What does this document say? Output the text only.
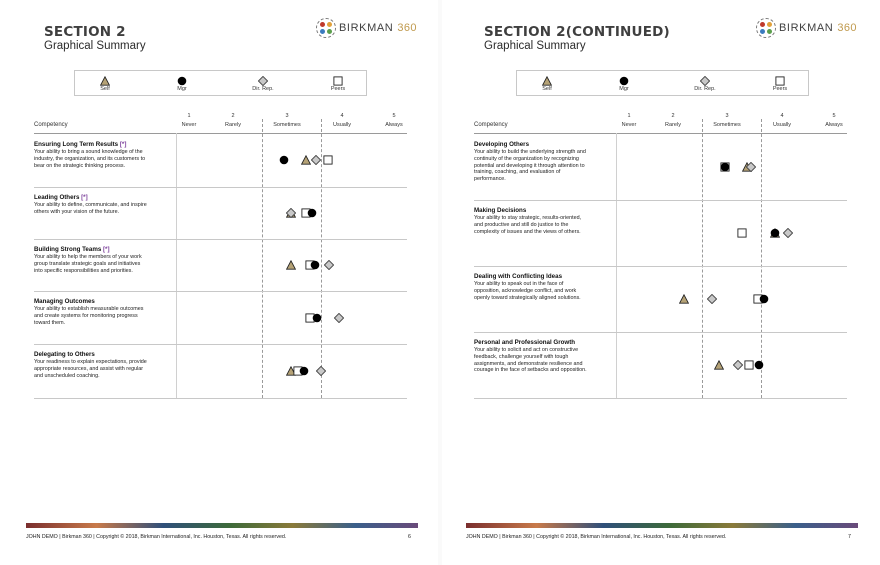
SECTION 2
Graphical Summary
BIRKMAN 360
Self	Mgr	Dir. Rep.	Peers
1
Never
2
Rarely
3
Sometimes
4
Usually
5
Always
Competency
Ensuring Long Term Results [*]
Your ability to bring a sound knowledge of the industry, the organization, and its customers to bear on the strategic thinking process.
Leading Others [*]
Your ability to define, communicate, and inspire others with your vision of the future.
Building Strong Teams [*]
Your ability to help the members of your work group translate strategic goals and initiatives into specific responsibilities and priorities.
Managing Outcomes
Your ability to establish measurable outcomes and create systems for monitoring progress toward them.
Delegating to Others
Your readiness to explain expectations, provide appropriate resources, and assist with regular and unscheduled coaching.
JOHN DEMO | Birkman 360 | Copyright © 2018, Birkman International, Inc. Houston, Texas. All rights reserved.	6
SECTION 2(CONTINUED)
Graphical Summary
BIRKMAN 360
Self	Mgr	Dir. Rep.	Peers
1
Never
2
Rarely
3
Sometimes
4
Usually
5
Always
Competency
Developing Others
Your ability to build the underlying strength and continuity of the organization by recognizing potential and developing it through attention to training, coaching, and evaluation of performance.
Making Decisions
Your ability to stay strategic, results-oriented, and productive and still do justice to the complexity of issues and the views of others.
Dealing with Conflicting Ideas
Your ability to speak out in the face of opposition, acknowledge conflict, and work openly toward strategically aligned solutions.
Personal and Professional Growth
Your ability to solicit and act on constructive feedback, challenge yourself with tough assignments, and demonstrate resilience and courage in the face of setbacks and opposition.
JOHN DEMO | Birkman 360 | Copyright © 2018, Birkman International, Inc. Houston, Texas. All rights reserved.	7
